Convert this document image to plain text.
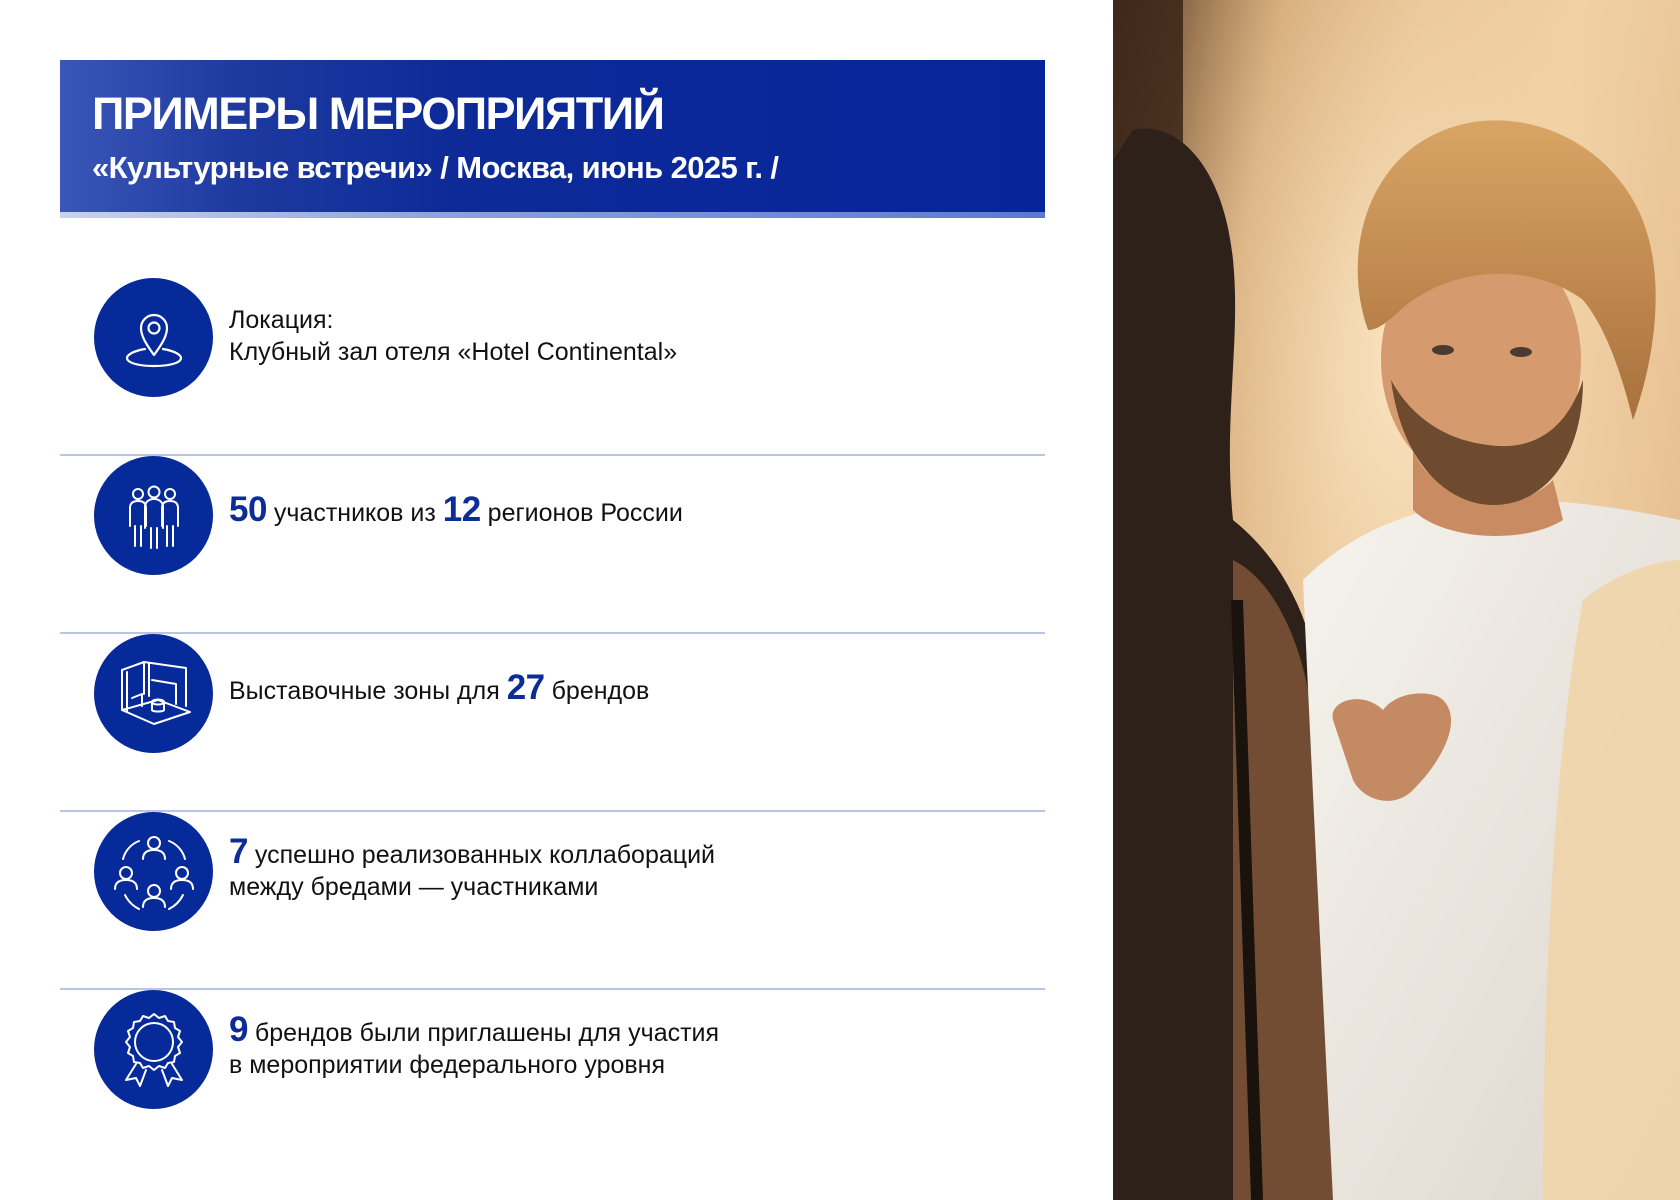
ПРИМЕРЫ МЕРОПРИЯТИЙ
«Культурные встречи» / Москва, июнь 2025 г. /
Локация:
Клубный зал отеля «Hotel Continental»
50 участников из 12 регионов России
Выставочные зоны для 27 брендов
7 успешно реализованных коллабораций
между бредами — участниками
9 брендов были приглашены для участия
в мероприятии федерального уровня
